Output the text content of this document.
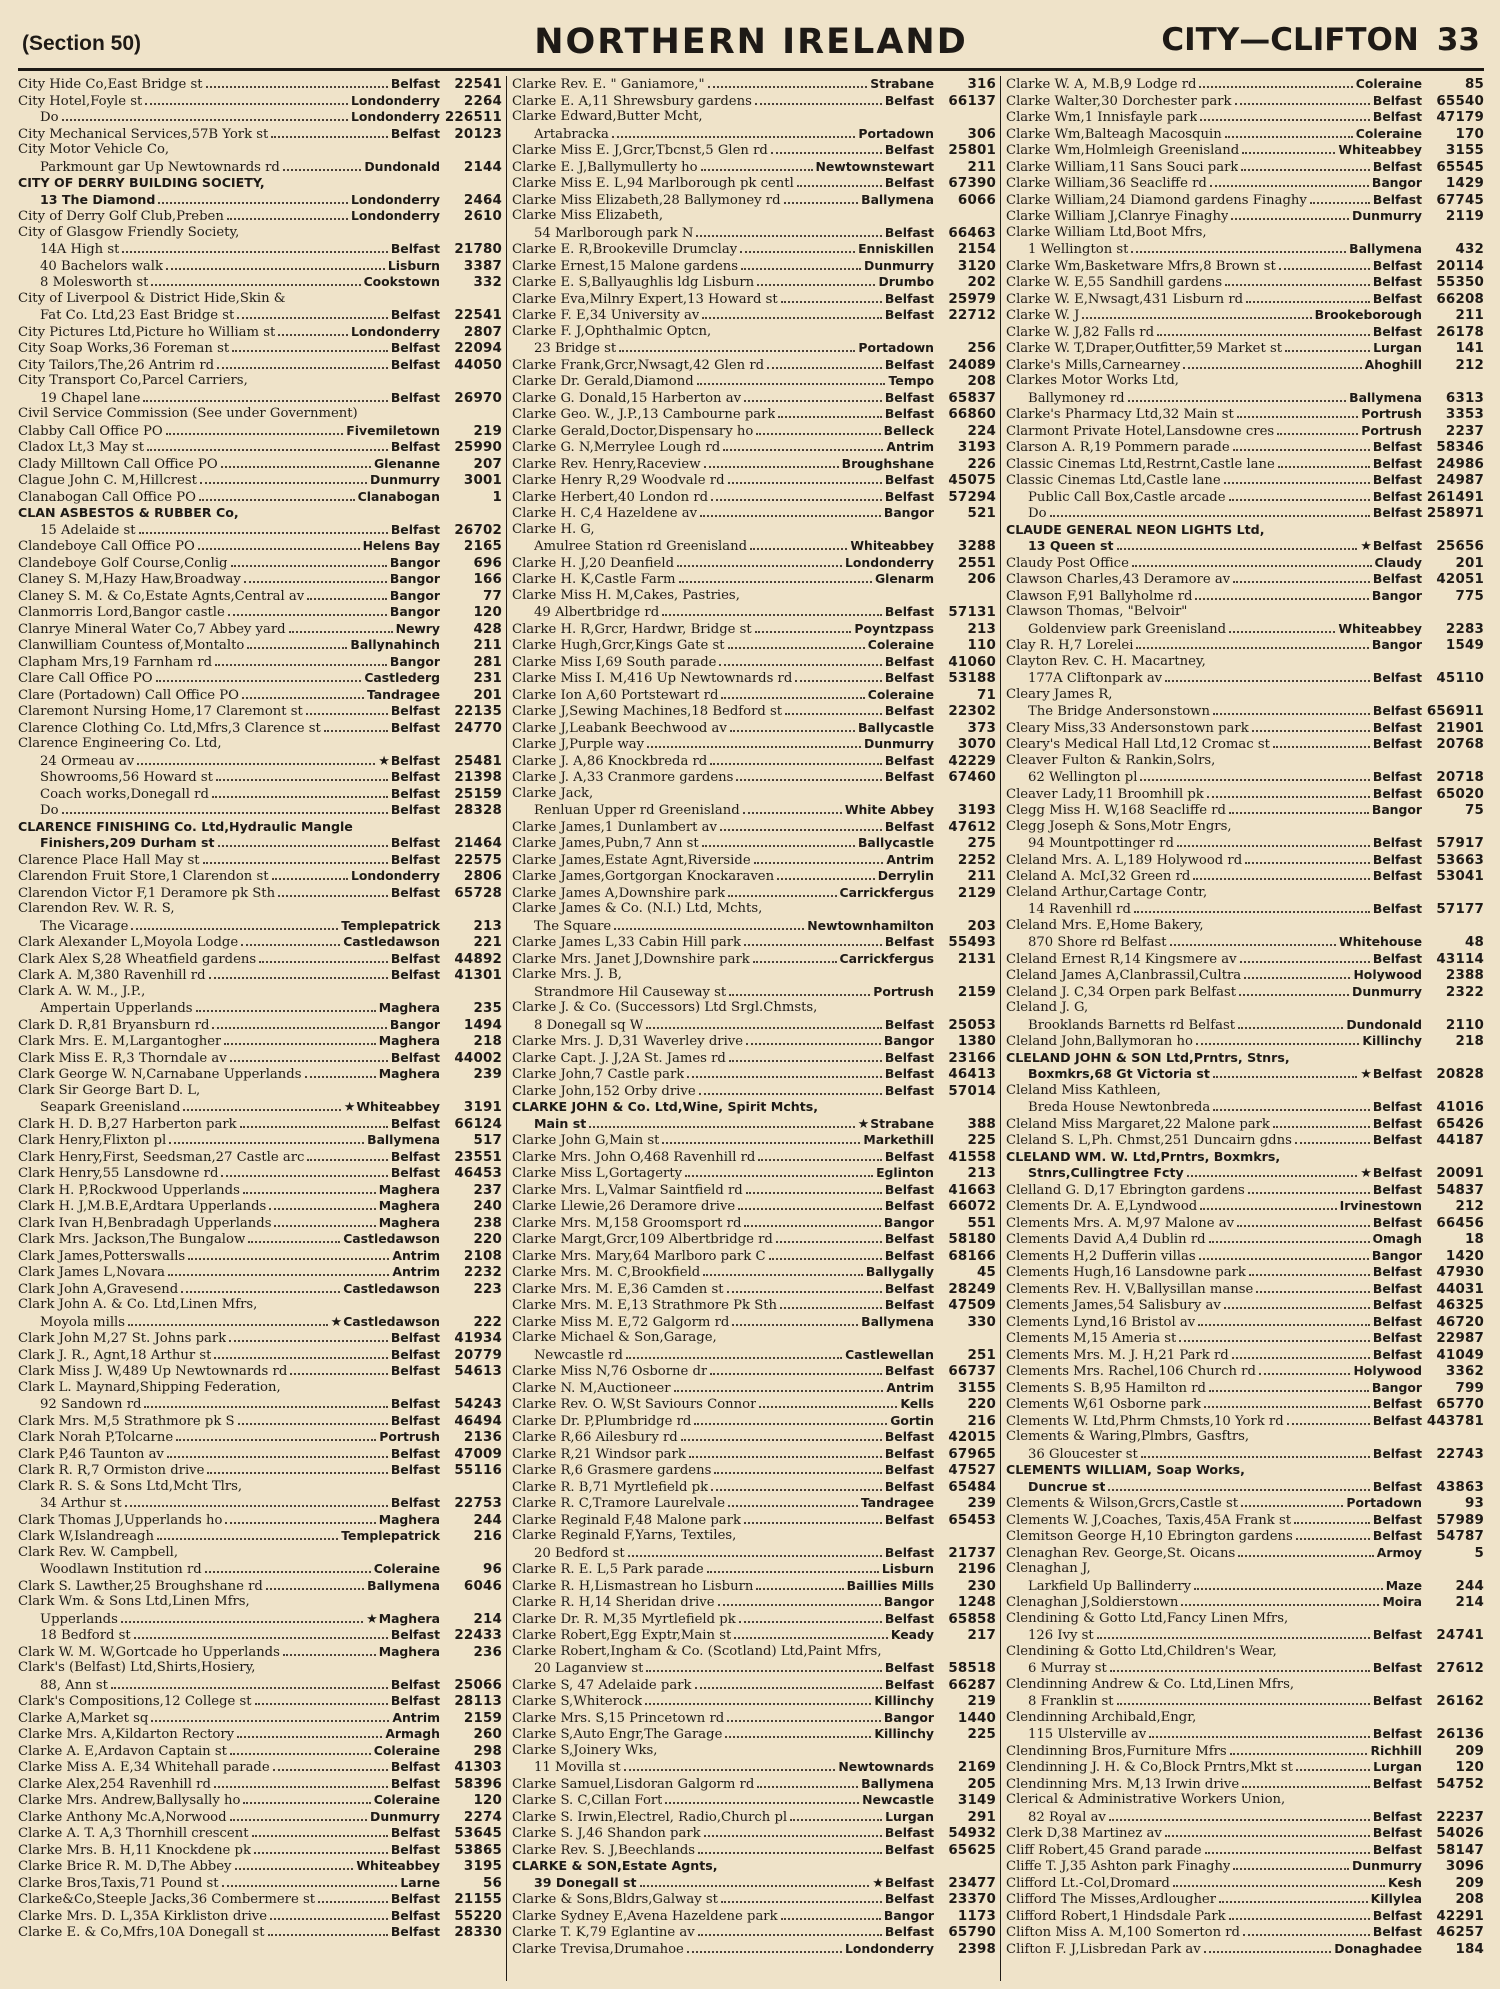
(Section 50)	NORTHERN IRELAND	CITY—CLIFTON 33
City Hide Co,East Bridge st	Belfast	22541
City Hotel,Foyle st	Londonderry	2264
Do	Londonderry 226511
City Mechanical Services,57B York st	Belfast	20123
City Motor Vehicle Co,
Parkmount gar Up Newtownards rd	Dundonald	2144
CITY OF DERRY BUILDING SOCIETY,
13 The Diamond	Londonderry	2464
City of Derry Golf Club,Preben	Londonderry	2610
City of Glasgow Friendly Society,
14A High st	Belfast	21780
40 Bachelors walk	Lisburn	3387
8 Molesworth st	Cookstown	332
City of Liverpool & District Hide,Skin &
Fat Co. Ltd,23 East Bridge st	Belfast	22541
City Pictures Ltd,Picture ho William st	Londonderry	2807
City Soap Works,36 Foreman st	Belfast	22094
City Tailors,The,26 Antrim rd	Belfast	44050
City Transport Co,Parcel Carriers,
19 Chapel lane	Belfast	26970
Civil Service Commission (See under Government)
Clabby Call Office PO	Fivemiletown	219
Cladox Lt,3 May st	Belfast	25990
Clady Milltown Call Office PO	Glenanne	207
Clague John C. M,Hillcrest	Dunmurry	3001
Clanabogan Call Office PO	Clanabogan	1
CLAN ASBESTOS & RUBBER Co,
15 Adelaide st	Belfast	26702
Clandeboye Call Office PO	Helens Bay	2165
Clandeboye Golf Course,Conlig	Bangor	696
Claney S. M,Hazy Haw,Broadway	Bangor	166
Claney S. M. & Co,Estate Agnts,Central av	Bangor	77
Clanmorris Lord,Bangor castle	Bangor	120
Clanrye Mineral Water Co,7 Abbey yard	Newry	428
Clanwilliam Countess of,Montalto	Ballynahinch	211
Clapham Mrs,19 Farnham rd	Bangor	281
Clare Call Office PO	Castlederg	231
Clare (Portadown) Call Office PO	Tandragee	201
Claremont Nursing Home,17 Claremont st	Belfast	22135
Clarence Clothing Co. Ltd,Mfrs,3 Clarence st	Belfast	24770
Clarence Engineering Co. Ltd,
24 Ormeau av	★Belfast	25481
Showrooms,56 Howard st	Belfast	21398
Coach works,Donegall rd	Belfast	25159
Do	Belfast	28328
CLARENCE FINISHING Co. Ltd,Hydraulic Mangle
Finishers,209 Durham st	Belfast	21464
Clarence Place Hall May st	Belfast	22575
Clarendon Fruit Store,1 Clarendon st	Londonderry	2806
Clarendon Victor F,1 Deramore pk Sth	Belfast	65728
Clarendon Rev. W. R. S,
The Vicarage	Templepatrick	213
Clark Alexander L,Moyola Lodge	Castledawson	221
Clark Alex S,28 Wheatfield gardens	Belfast	44892
Clark A. M,380 Ravenhill rd	Belfast	41301
Clark A. W. M., J.P.,
Ampertain Upperlands	Maghera	235
Clark D. R,81 Bryansburn rd	Bangor	1494
Clark Mrs. E. M,Largantogher	Maghera	218
Clark Miss E. R,3 Thorndale av	Belfast	44002
Clark George W. N,Carnabane Upperlands	Maghera	239
Clark Sir George Bart D. L,
Seapark Greenisland	★Whiteabbey	3191
Clark H. D. B,27 Harberton park	Belfast	66124
Clark Henry,Flixton pl	Ballymena	517
Clark Henry,First, Seedsman,27 Castle arc	Belfast	23551
Clark Henry,55 Lansdowne rd	Belfast	46453
Clark H. P,Rockwood Upperlands	Maghera	237
Clark H. J,M.B.E,Ardtara Upperlands	Maghera	240
Clark Ivan H,Benbradagh Upperlands	Maghera	238
Clark Mrs. Jackson,The Bungalow	Castledawson	220
Clark James,Potterswalls	Antrim	2108
Clark James L,Novara	Antrim	2232
Clark John A,Gravesend	Castledawson	223
Clark John A. & Co. Ltd,Linen Mfrs,
Moyola mills	★Castledawson	222
Clark John M,27 St. Johns park	Belfast	41934
Clark J. R., Agnt,18 Arthur st	Belfast	20779
Clark Miss J. W,489 Up Newtownards rd	Belfast	54613
Clark L. Maynard,Shipping Federation,
92 Sandown rd	Belfast	54243
Clark Mrs. M,5 Strathmore pk S	Belfast	46494
Clark Norah P,Tolcarne	Portrush	2136
Clark P,46 Taunton av	Belfast	47009
Clark R. R,7 Ormiston drive	Belfast	55116
Clark R. S. & Sons Ltd,Mcht Tlrs,
34 Arthur st	Belfast	22753
Clark Thomas J,Upperlands ho	Maghera	244
Clark W,Islandreagh	Templepatrick	216
Clark Rev. W. Campbell,
Woodlawn Institution rd	Coleraine	96
Clark S. Lawther,25 Broughshane rd	Ballymena	6046
Clark Wm. & Sons Ltd,Linen Mfrs,
Upperlands	★Maghera	214
18 Bedford st	Belfast	22433
Clark W. M. W,Gortcade ho Upperlands	Maghera	236
Clark's (Belfast) Ltd,Shirts,Hosiery,
88, Ann st	Belfast	25066
Clark's Compositions,12 College st	Belfast	28113
Clarke A,Market sq	Antrim	2159
Clarke Mrs. A,Kildarton Rectory	Armagh	260
Clarke A. E,Ardavon Captain st	Coleraine	298
Clarke Miss A. E,34 Whitehall parade	Belfast	41303
Clarke Alex,254 Ravenhill rd	Belfast	58396
Clarke Mrs. Andrew,Ballysally ho	Coleraine	120
Clarke Anthony Mc.A,Norwood	Dunmurry	2274
Clarke A. T. A,3 Thornhill crescent	Belfast	53645
Clarke Mrs. B. H,11 Knockdene pk	Belfast	53865
Clarke Brice R. M. D,The Abbey	Whiteabbey	3195
Clarke Bros,Taxis,71 Pound st	Larne	56
Clarke&Co,Steeple Jacks,36 Combermere st	Belfast	21155
Clarke Mrs. D. L,35A Kirkliston drive	Belfast	55220
Clarke E. & Co,Mfrs,10A Donegall st	Belfast	28330
Clarke Rev. E. " Ganiamore,"	Strabane	316
Clarke E. A,11 Shrewsbury gardens	Belfast	66137
Clarke Edward,Butter Mcht,
Artabracka	Portadown	306
Clarke Miss E. J,Grcr,Tbcnst,5 Glen rd	Belfast	25801
Clarke E. J,Ballymullerty ho	Newtownstewart	211
Clarke Miss E. L,94 Marlborough pk centl	Belfast	67390
Clarke Miss Elizabeth,28 Ballymoney rd	Ballymena	6066
Clarke Miss Elizabeth,
54 Marlborough park N	Belfast	66463
Clarke E. R,Brookeville Drumclay	Enniskillen	2154
Clarke Ernest,15 Malone gardens	Dunmurry	3120
Clarke E. S,Ballyaughlis ldg Lisburn	Drumbo	202
Clarke Eva,Milnry Expert,13 Howard st	Belfast	25979
Clarke F. E,34 University av	Belfast	22712
Clarke F. J,Ophthalmic Optcn,
23 Bridge st	Portadown	256
Clarke Frank,Grcr,Nwsagt,42 Glen rd	Belfast	24089
Clarke Dr. Gerald,Diamond	Tempo	208
Clarke G. Donald,15 Harberton av	Belfast	65837
Clarke Geo. W., J.P.,13 Cambourne park	Belfast	66860
Clarke Gerald,Doctor,Dispensary ho	Belleck	224
Clarke G. N,Merrylee Lough rd	Antrim	3193
Clarke Rev. Henry,Raceview	Broughshane	226
Clarke Henry R,29 Woodvale rd	Belfast	45075
Clarke Herbert,40 London rd	Belfast	57294
Clarke H. C,4 Hazeldene av	Bangor	521
Clarke H. G,
Amulree Station rd Greenisland	Whiteabbey	3288
Clarke H. J,20 Deanfield	Londonderry	2551
Clarke H. K,Castle Farm	Glenarm	206
Clarke Miss H. M,Cakes, Pastries,
49 Albertbridge rd	Belfast	57131
Clarke H. R,Grcr, Hardwr, Bridge st	Poyntzpass	213
Clarke Hugh,Grcr,Kings Gate st	Coleraine	110
Clarke Miss I,69 South parade	Belfast	41060
Clarke Miss I. M,416 Up Newtownards rd	Belfast	53188
Clarke Ion A,60 Portstewart rd	Coleraine	71
Clarke J,Sewing Machines,18 Bedford st	Belfast	22302
Clarke J,Leabank Beechwood av	Ballycastle	373
Clarke J,Purple way	Dunmurry	3070
Clarke J. A,86 Knockbreda rd	Belfast	42229
Clarke J. A,33 Cranmore gardens	Belfast	67460
Clarke Jack,
Renluan Upper rd Greenisland	White Abbey	3193
Clarke James,1 Dunlambert av	Belfast	47612
Clarke James,Pubn,7 Ann st	Ballycastle	275
Clarke James,Estate Agnt,Riverside	Antrim	2252
Clarke James,Gortgorgan Knockaraven	Derrylin	211
Clarke James A,Downshire park	Carrickfergus	2129
Clarke James & Co. (N.I.) Ltd, Mchts,
The Square	Newtownhamilton	203
Clarke James L,33 Cabin Hill park	Belfast	55493
Clarke Mrs. Janet J,Downshire park	Carrickfergus	2131
Clarke Mrs. J. B,
Strandmore Hil Causeway st	Portrush	2159
Clarke J. & Co. (Successors) Ltd Srgl.Chmsts,
8 Donegall sq W	Belfast	25053
Clarke Mrs. J. D,31 Waverley drive	Bangor	1380
Clarke Capt. J. J,2A St. James rd	Belfast	23166
Clarke John,7 Castle park	Belfast	46413
Clarke John,152 Orby drive	Belfast	57014
CLARKE JOHN & Co. Ltd,Wine, Spirit Mchts,
Main st	★Strabane	388
Clarke John G,Main st	Markethill	225
Clarke Mrs. John O,468 Ravenhill rd	Belfast	41558
Clarke Miss L,Gortagerty	Eglinton	213
Clarke Mrs. L,Valmar Saintfield rd	Belfast	41663
Clarke Llewie,26 Deramore drive	Belfast	66072
Clarke Mrs. M,158 Groomsport rd	Bangor	551
Clarke Margt,Grcr,109 Albertbridge rd	Belfast	58180
Clarke Mrs. Mary,64 Marlboro park C	Belfast	68166
Clarke Mrs. M. C,Brookfield	Ballygally	45
Clarke Mrs. M. E,36 Camden st	Belfast	28249
Clarke Mrs. M. E,13 Strathmore Pk Sth	Belfast	47509
Clarke Miss M. E,72 Galgorm rd	Ballymena	330
Clarke Michael & Son,Garage,
Newcastle rd	Castlewellan	251
Clarke Miss N,76 Osborne dr	Belfast	66737
Clarke N. M,Auctioneer	Antrim	3155
Clarke Rev. O. W,St Saviours Connor	Kells	220
Clarke Dr. P,Plumbridge rd	Gortin	216
Clarke R,66 Ailesbury rd	Belfast	42015
Clarke R,21 Windsor park	Belfast	67965
Clarke R,6 Grasmere gardens	Belfast	47527
Clarke R. B,71 Myrtlefield pk	Belfast	65484
Clarke R. C,Tramore Laurelvale	Tandragee	239
Clarke Reginald F,48 Malone park	Belfast	65453
Clarke Reginald F,Yarns, Textiles,
20 Bedford st	Belfast	21737
Clarke R. E. L,5 Park parade	Lisburn	2196
Clarke R. H,Lismastrean ho Lisburn	Baillies Mills	230
Clarke R. H,14 Sheridan drive	Bangor	1248
Clarke Dr. R. M,35 Myrtlefield pk	Belfast	65858
Clarke Robert,Egg Exptr,Main st	Keady	217
Clarke Robert,Ingham & Co. (Scotland) Ltd,Paint Mfrs,
20 Laganview st	Belfast	58518
Clarke S, 47 Adelaide park	Belfast	66287
Clarke S,Whiterock	Killinchy	219
Clarke Mrs. S,15 Princetown rd	Bangor	1440
Clarke S,Auto Engr,The Garage	Killinchy	225
Clarke S,Joinery Wks,
11 Movilla st	Newtownards	2169
Clarke Samuel,Lisdoran Galgorm rd	Ballymena	205
Clarke S. C,Cillan Fort	Newcastle	3149
Clarke S. Irwin,Electrel, Radio,Church pl	Lurgan	291
Clarke S. J,46 Shandon park	Belfast	54932
Clarke Rev. S. J,Beechlands	Belfast	65625
CLARKE & SON,Estate Agnts,
39 Donegall st	★Belfast	23477
Clarke & Sons,Bldrs,Galway st	Belfast	23370
Clarke Sydney E,Avena Hazeldene park	Bangor	1173
Clarke T. K,79 Eglantine av	Belfast	65790
Clarke Trevisa,Drumahoe	Londonderry	2398
Clarke W. A, M.B,9 Lodge rd	Coleraine	85
Clarke Walter,30 Dorchester park	Belfast	65540
Clarke Wm,1 Innisfayle park	Belfast	47179
Clarke Wm,Balteagh Macosquin	Coleraine	170
Clarke Wm,Holmleigh Greenisland	Whiteabbey	3155
Clarke William,11 Sans Souci park	Belfast	65545
Clarke William,36 Seacliffe rd	Bangor	1429
Clarke William,24 Diamond gardens Finaghy	Belfast	67745
Clarke William J,Clanrye Finaghy	Dunmurry	2119
Clarke William Ltd,Boot Mfrs,
1 Wellington st	Ballymena	432
Clarke Wm,Basketware Mfrs,8 Brown st	Belfast	20114
Clarke W. E,55 Sandhill gardens	Belfast	55350
Clarke W. E,Nwsagt,431 Lisburn rd	Belfast	66208
Clarke W. J	Brookeborough	211
Clarke W. J,82 Falls rd	Belfast	26178
Clarke W. T,Draper,Outfitter,59 Market st	Lurgan	141
Clarke's Mills,Carnearney	Ahoghill	212
Clarkes Motor Works Ltd,
Ballymoney rd	Ballymena	6313
Clarke's Pharmacy Ltd,32 Main st	Portrush	3353
Clarmont Private Hotel,Lansdowne cres	Portrush	2237
Clarson A. R,19 Pommern parade	Belfast	58346
Classic Cinemas Ltd,Restrnt,Castle lane	Belfast	24986
Classic Cinemas Ltd,Castle lane	Belfast	24987
Public Call Box,Castle arcade	Belfast 261491
Do	Belfast 258971
CLAUDE GENERAL NEON LIGHTS Ltd,
13 Queen st	★Belfast	25656
Claudy Post Office	Claudy	201
Clawson Charles,43 Deramore av	Belfast	42051
Clawson F,91 Ballyholme rd	Bangor	775
Clawson Thomas, "Belvoir"
Goldenview park Greenisland	Whiteabbey	2283
Clay R. H,7 Lorelei	Bangor	1549
Clayton Rev. C. H. Macartney,
177A Cliftonpark av	Belfast	45110
Cleary James R,
The Bridge Andersonstown	Belfast 656911
Cleary Miss,33 Andersonstown park	Belfast	21901
Cleary's Medical Hall Ltd,12 Cromac st	Belfast	20768
Cleaver Fulton & Rankin,Solrs,
62 Wellington pl	Belfast	20718
Cleaver Lady,11 Broomhill pk	Belfast	65020
Clegg Miss H. W,168 Seacliffe rd	Bangor	75
Clegg Joseph & Sons,Motr Engrs,
94 Mountpottinger rd	Belfast	57917
Cleland Mrs. A. L,189 Holywood rd	Belfast	53663
Cleland A. McI,32 Green rd	Belfast	53041
Cleland Arthur,Cartage Contr,
14 Ravenhill rd	Belfast	57177
Cleland Mrs. E,Home Bakery,
870 Shore rd Belfast	Whitehouse	48
Cleland Ernest R,14 Kingsmere av	Belfast	43114
Cleland James A,Clanbrassil,Cultra	Holywood	2388
Cleland J. C,34 Orpen park Belfast	Dunmurry	2322
Cleland J. G,
Brooklands Barnetts rd Belfast	Dundonald	2110
Cleland John,Ballymoran ho	Killinchy	218
CLELAND JOHN & SON Ltd,Prntrs, Stnrs,
Boxmkrs,68 Gt Victoria st	★Belfast	20828
Cleland Miss Kathleen,
Breda House Newtonbreda	Belfast	41016
Cleland Miss Margaret,22 Malone park	Belfast	65426
Cleland S. L,Ph. Chmst,251 Duncairn gdns	Belfast	44187
CLELAND WM. W. Ltd,Prntrs, Boxmkrs,
Stnrs,Cullingtree Fcty	★Belfast	20091
Clelland G. D,17 Ebrington gardens	Belfast	54837
Clements Dr. A. E,Lyndwood	Irvinestown	212
Clements Mrs. A. M,97 Malone av	Belfast	66456
Clements David A,4 Dublin rd	Omagh	18
Clements H,2 Dufferin villas	Bangor	1420
Clements Hugh,16 Lansdowne park	Belfast	47930
Clements Rev. H. V,Ballysillan manse	Belfast	44031
Clements James,54 Salisbury av	Belfast	46325
Clements Lynd,16 Bristol av	Belfast	46720
Clements M,15 Ameria st	Belfast	22987
Clements Mrs. M. J. H,21 Park rd	Belfast	41049
Clements Mrs. Rachel,106 Church rd	Holywood	3362
Clements S. B,95 Hamilton rd	Bangor	799
Clements W,61 Osborne park	Belfast	65770
Clements W. Ltd,Phrm Chmsts,10 York rd	Belfast 443781
Clements & Waring,Plmbrs, Gasftrs,
36 Gloucester st	Belfast	22743
CLEMENTS WILLIAM, Soap Works,
Duncrue st	Belfast	43863
Clements & Wilson,Grcrs,Castle st	Portadown	93
Clements W. J,Coaches, Taxis,45A Frank st	Belfast	57989
Clemitson George H,10 Ebrington gardens	Belfast	54787
Clenaghan Rev. George,St. Oicans	Armoy	5
Clenaghan J,
Larkfield Up Ballinderry	Maze	244
Clenaghan J,Soldierstown	Moira	214
Clendining & Gotto Ltd,Fancy Linen Mfrs,
126 Ivy st	Belfast	24741
Clendining & Gotto Ltd,Children's Wear,
6 Murray st	Belfast	27612
Clendinning Andrew & Co. Ltd,Linen Mfrs,
8 Franklin st	Belfast	26162
Clendinning Archibald,Engr,
115 Ulsterville av	Belfast	26136
Clendinning Bros,Furniture Mfrs	Richhill	209
Clendinning J. H. & Co,Block Prntrs,Mkt st	Lurgan	120
Clendinning Mrs. M,13 Irwin drive	Belfast	54752
Clerical & Administrative Workers Union,
82 Royal av	Belfast	22237
Clerk D,38 Martinez av	Belfast	54026
Cliff Robert,45 Grand parade	Belfast	58147
Cliffe T. J,35 Ashton park Finaghy	Dunmurry	3096
Clifford Lt.-Col,Dromard	Kesh	209
Clifford The Misses,Ardlougher	Killylea	208
Clifford Robert,1 Hindsdale Park	Belfast	42291
Clifton Miss A. M,100 Somerton rd	Belfast	46257
Clifton F. J,Lisbredan Park av	Donaghadee	184
